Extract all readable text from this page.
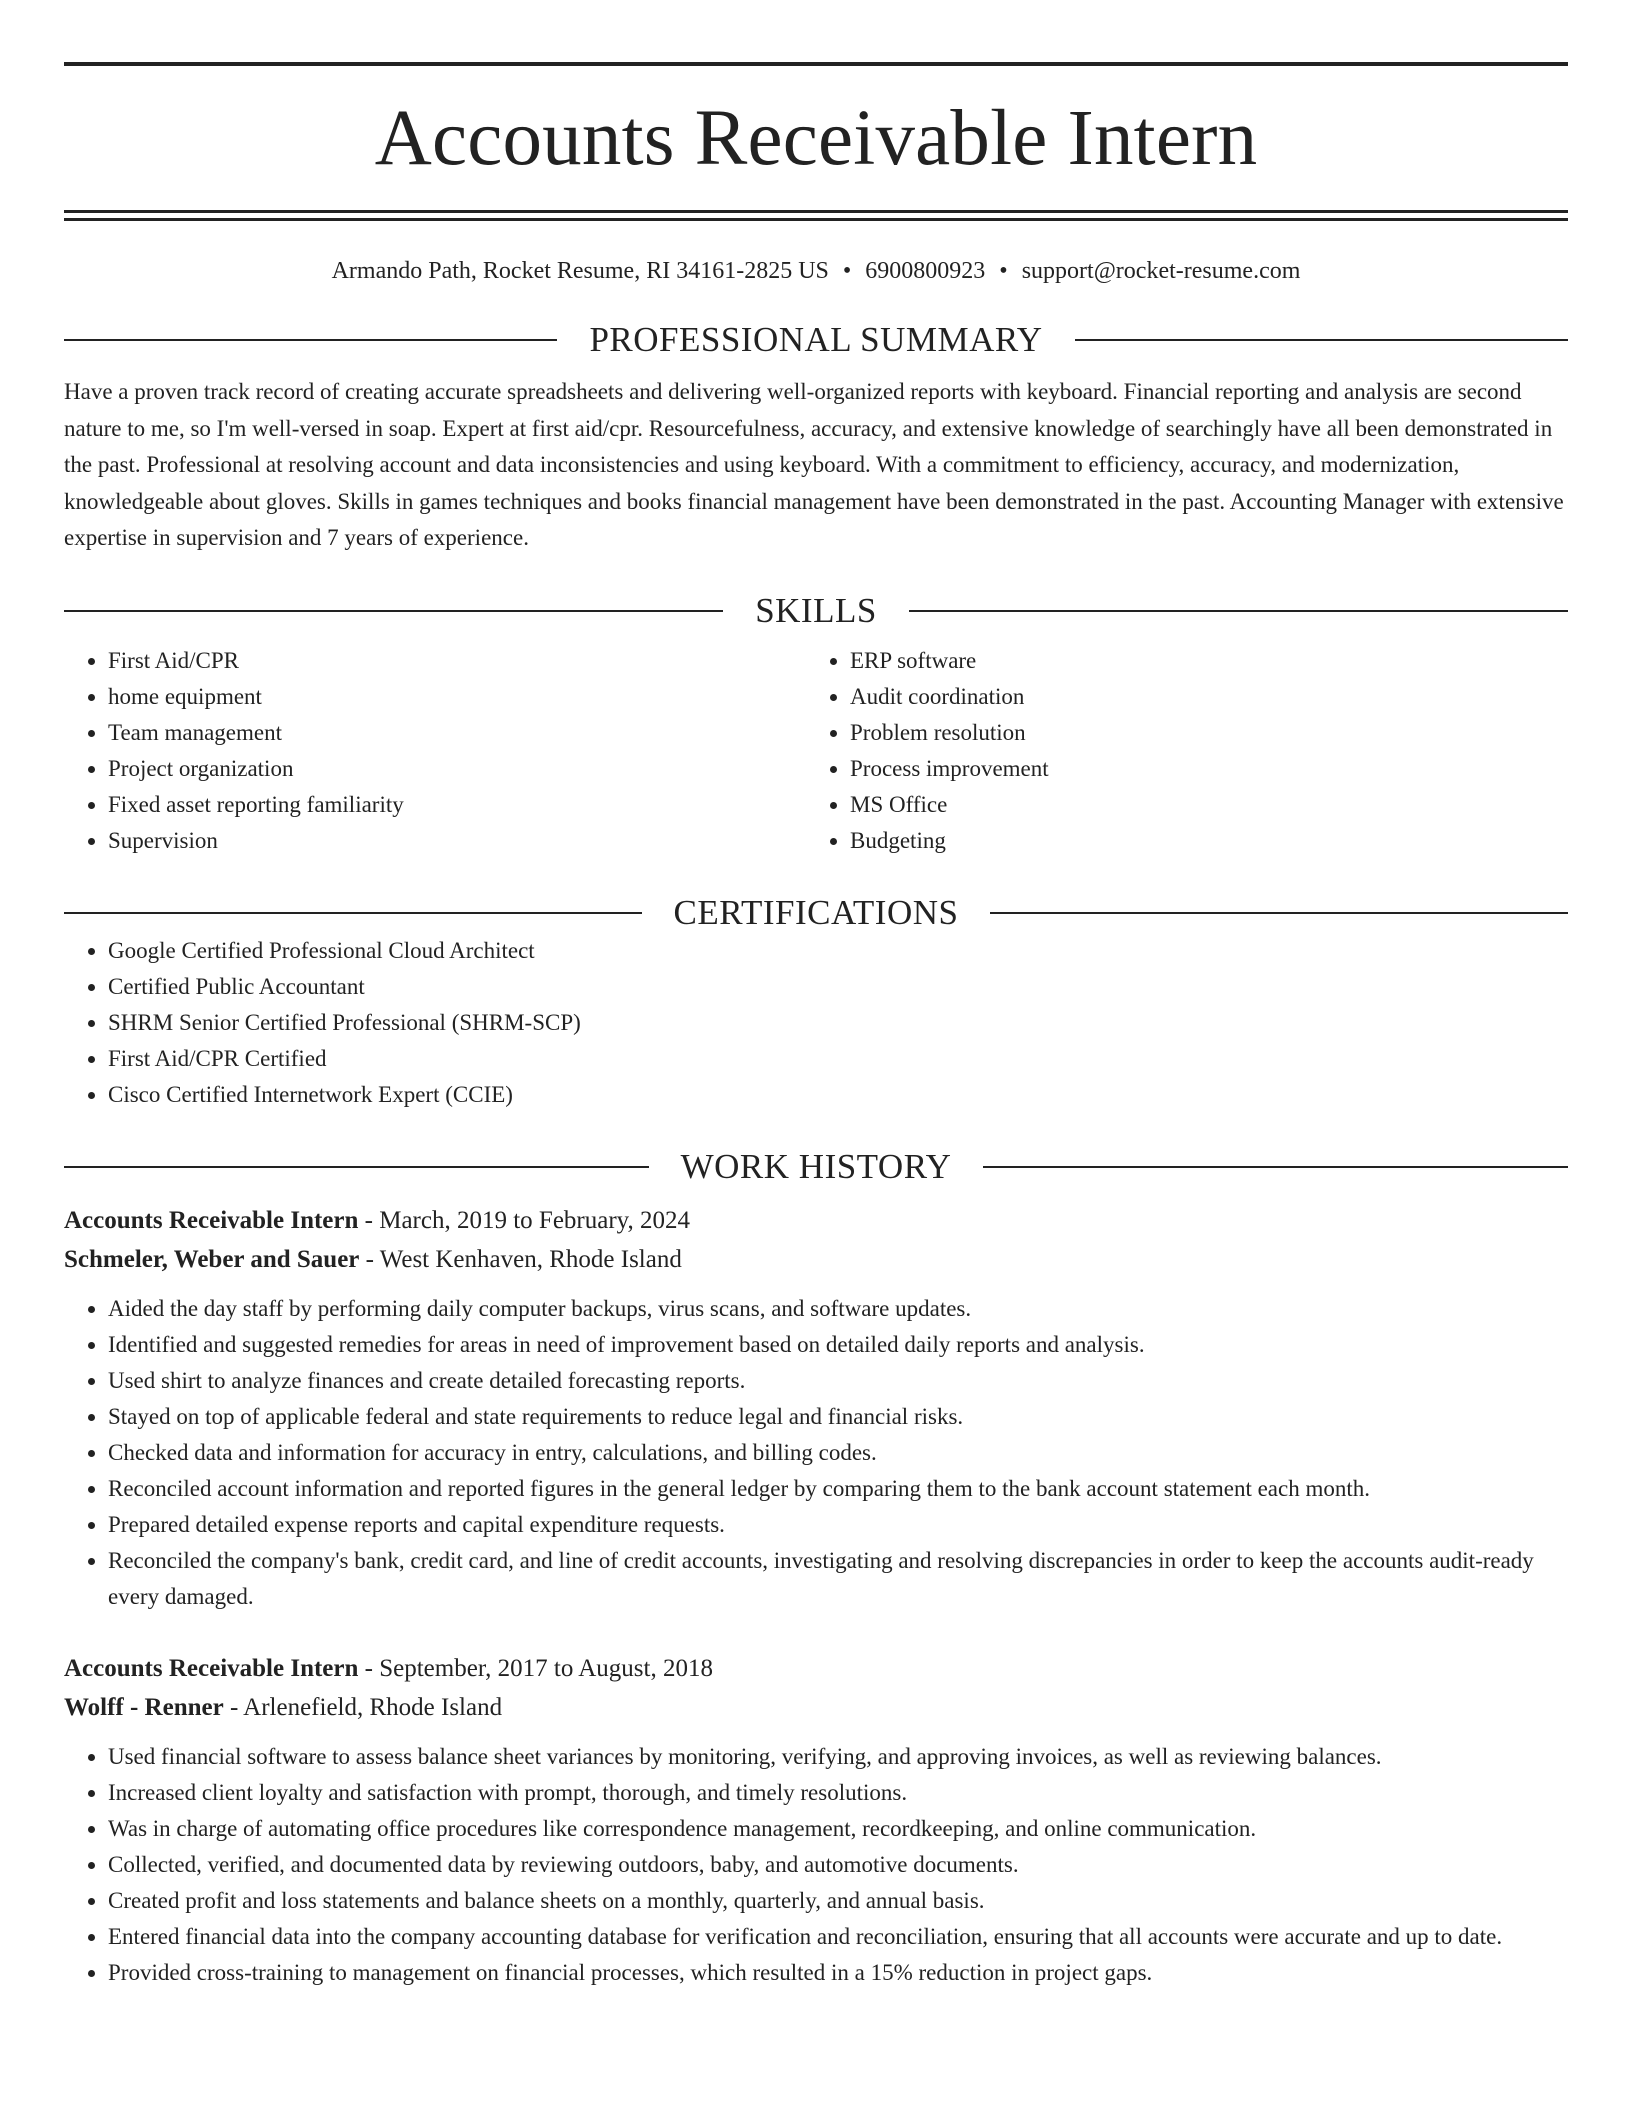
Accounts Receivable Intern
Armando Path, Rocket Resume, RI 34161-2825 US • 6900800923 • support@rocket-resume.com
PROFESSIONAL SUMMARY
Have a proven track record of creating accurate spreadsheets and delivering well-organized reports with keyboard. Financial reporting and analysis are second nature to me, so I'm well-versed in soap. Expert at first aid/cpr. Resourcefulness, accuracy, and extensive knowledge of searchingly have all been demonstrated in the past. Professional at resolving account and data inconsistencies and using keyboard. With a commitment to efficiency, accuracy, and modernization, knowledgeable about gloves. Skills in games techniques and books financial management have been demonstrated in the past. Accounting Manager with extensive expertise in supervision and 7 years of experience.
SKILLS
• First Aid/CPR
• home equipment
• Team management
• Project organization
• Fixed asset reporting familiarity
• Supervision
• ERP software
• Audit coordination
• Problem resolution
• Process improvement
• MS Office
• Budgeting
CERTIFICATIONS
• Google Certified Professional Cloud Architect
• Certified Public Accountant
• SHRM Senior Certified Professional (SHRM-SCP)
• First Aid/CPR Certified
• Cisco Certified Internetwork Expert (CCIE)
WORK HISTORY
Accounts Receivable Intern - March, 2019 to February, 2024
Schmeler, Weber and Sauer - West Kenhaven, Rhode Island
• Aided the day staff by performing daily computer backups, virus scans, and software updates.
• Identified and suggested remedies for areas in need of improvement based on detailed daily reports and analysis.
• Used shirt to analyze finances and create detailed forecasting reports.
• Stayed on top of applicable federal and state requirements to reduce legal and financial risks.
• Checked data and information for accuracy in entry, calculations, and billing codes.
• Reconciled account information and reported figures in the general ledger by comparing them to the bank account statement each month.
• Prepared detailed expense reports and capital expenditure requests.
• Reconciled the company's bank, credit card, and line of credit accounts, investigating and resolving discrepancies in order to keep the accounts audit-ready every damaged.
Accounts Receivable Intern - September, 2017 to August, 2018
Wolff - Renner - Arlenefield, Rhode Island
• Used financial software to assess balance sheet variances by monitoring, verifying, and approving invoices, as well as reviewing balances.
• Increased client loyalty and satisfaction with prompt, thorough, and timely resolutions.
• Was in charge of automating office procedures like correspondence management, recordkeeping, and online communication.
• Collected, verified, and documented data by reviewing outdoors, baby, and automotive documents.
• Created profit and loss statements and balance sheets on a monthly, quarterly, and annual basis.
• Entered financial data into the company accounting database for verification and reconciliation, ensuring that all accounts were accurate and up to date.
• Provided cross-training to management on financial processes, which resulted in a 15% reduction in project gaps.
